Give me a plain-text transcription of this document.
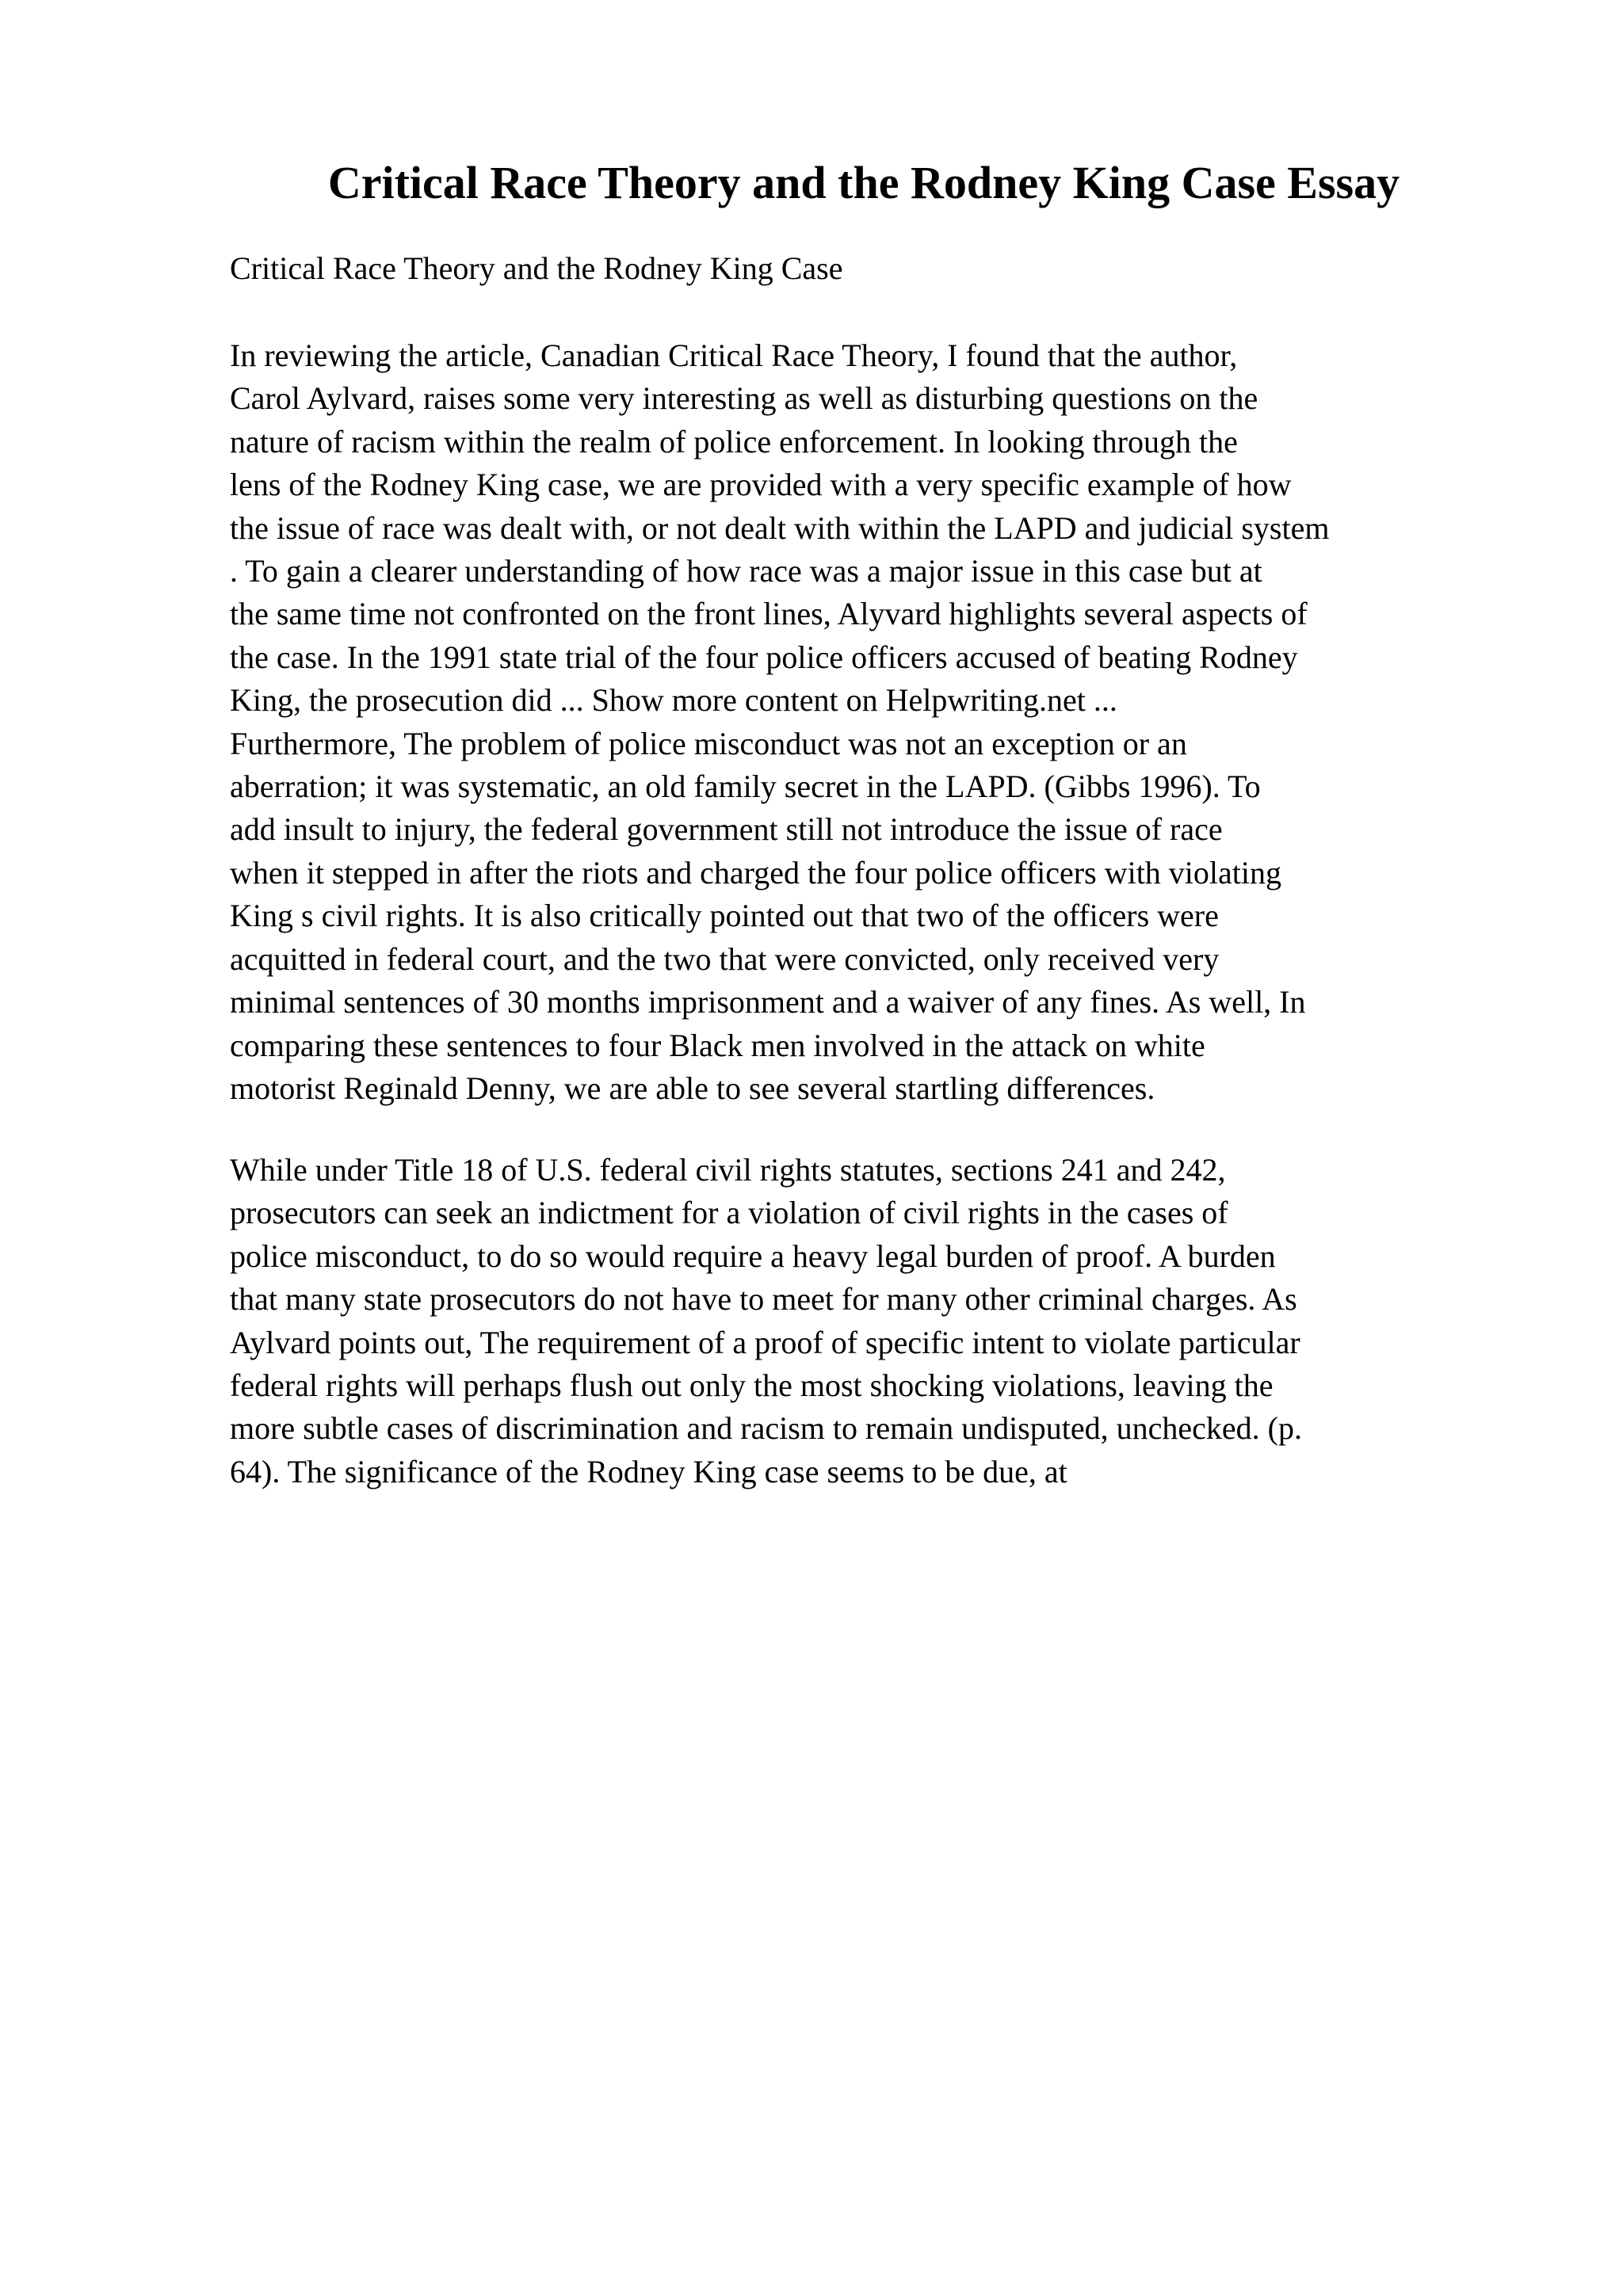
Critical Race Theory and the Rodney King Case Essay
Critical Race Theory and the Rodney King Case
In reviewing the article, Canadian Critical Race Theory, I found that the author,
Carol Aylvard, raises some very interesting as well as disturbing questions on the
nature of racism within the realm of police enforcement. In looking through the
lens of the Rodney King case, we are provided with a very specific example of how
the issue of race was dealt with, or not dealt with within the LAPD and judicial system
. To gain a clearer understanding of how race was a major issue in this case but at
the same time not confronted on the front lines, Alyvard highlights several aspects of
the case. In the 1991 state trial of the four police officers accused of beating Rodney
King, the prosecution did ... Show more content on Helpwriting.net ...
Furthermore, The problem of police misconduct was not an exception or an
aberration; it was systematic, an old family secret in the LAPD. (Gibbs 1996). To
add insult to injury, the federal government still not introduce the issue of race
when it stepped in after the riots and charged the four police officers with violating
King s civil rights. It is also critically pointed out that two of the officers were
acquitted in federal court, and the two that were convicted, only received very
minimal sentences of 30 months imprisonment and a waiver of any fines. As well, In
comparing these sentences to four Black men involved in the attack on white
motorist Reginald Denny, we are able to see several startling differences.
While under Title 18 of U.S. federal civil rights statutes, sections 241 and 242,
prosecutors can seek an indictment for a violation of civil rights in the cases of
police misconduct, to do so would require a heavy legal burden of proof. A burden
that many state prosecutors do not have to meet for many other criminal charges. As
Aylvard points out, The requirement of a proof of specific intent to violate particular
federal rights will perhaps flush out only the most shocking violations, leaving the
more subtle cases of discrimination and racism to remain undisputed, unchecked. (p.
64). The significance of the Rodney King case seems to be due, at
